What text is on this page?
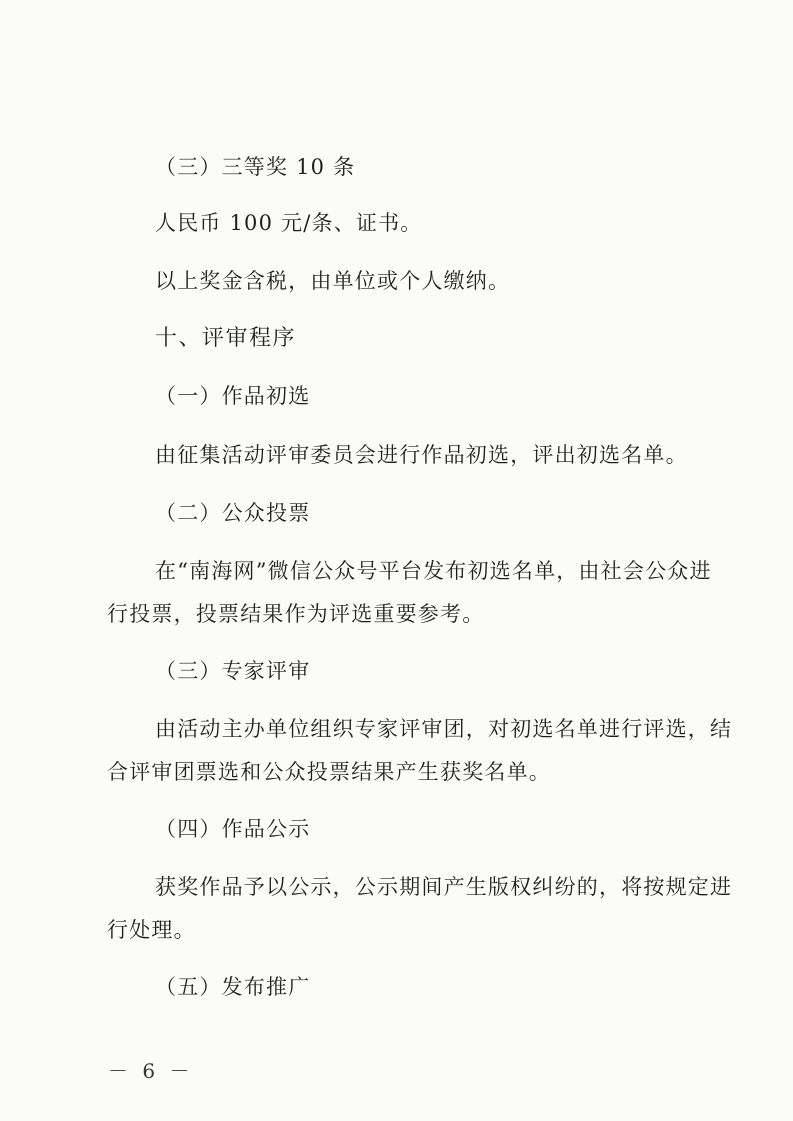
（三）三等奖 10 条
人民币 100 元/条、证书。
以上奖金含税，由单位或个人缴纳。
十、评审程序
（一）作品初选
由征集活动评审委员会进行作品初选，评出初选名单。
（二）公众投票
在“南海网”微信公众号平台发布初选名单，由社会公众进
行投票，投票结果作为评选重要参考。
（三）专家评审
由活动主办单位组织专家评审团，对初选名单进行评选，结
合评审团票选和公众投票结果产生获奖名单。
（四）作品公示
获奖作品予以公示，公示期间产生版权纠纷的，将按规定进
行处理。
（五）发布推广
－ 6 －
